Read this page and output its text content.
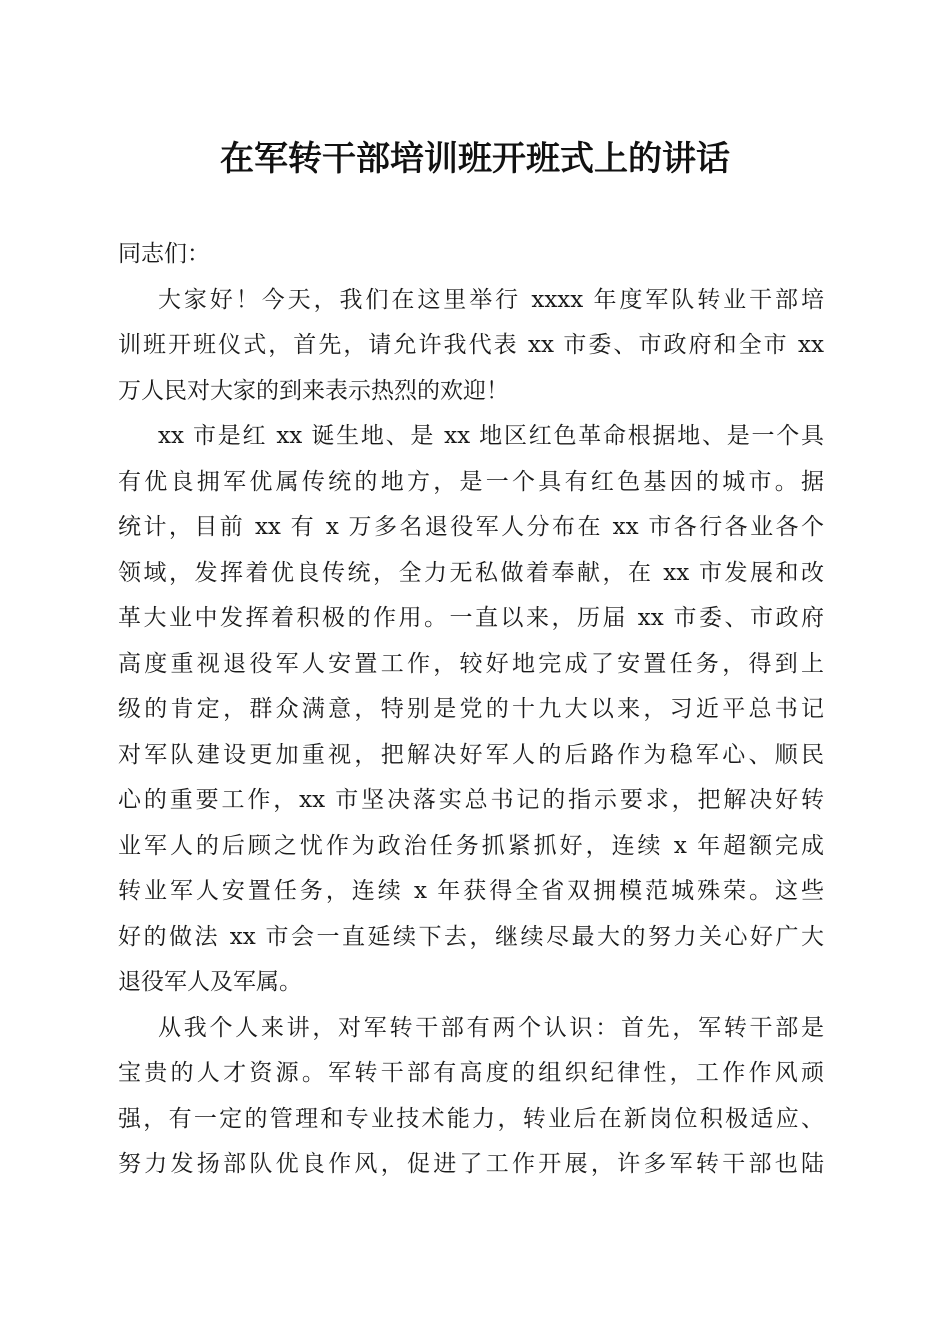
在军转干部培训班开班式上的讲话
同志们：
大家好！今天，我们在这里举行 xxxx 年度军队转业干部培
训班开班仪式，首先，请允许我代表 xx 市委、市政府和全市 xx
万人民对大家的到来表示热烈的欢迎！
xx 市是红 xx 诞生地、是 xx 地区红色革命根据地、是一个具
有优良拥军优属传统的地方，是一个具有红色基因的城市。据
统计，目前 xx 有 x 万多名退役军人分布在 xx 市各行各业各个
领域，发挥着优良传统，全力无私做着奉献，在 xx 市发展和改
革大业中发挥着积极的作用。一直以来，历届 xx 市委、市政府
高度重视退役军人安置工作，较好地完成了安置任务，得到上
级的肯定，群众满意，特别是党的十九大以来，习近平总书记
对军队建设更加重视，把解决好军人的后路作为稳军心、顺民
心的重要工作，xx 市坚决落实总书记的指示要求，把解决好转
业军人的后顾之忧作为政治任务抓紧抓好，连续 x 年超额完成
转业军人安置任务，连续 x 年获得全省双拥模范城殊荣。这些
好的做法 xx 市会一直延续下去，继续尽最大的努力关心好广大
退役军人及军属。
从我个人来讲，对军转干部有两个认识：首先，军转干部是
宝贵的人才资源。军转干部有高度的组织纪律性，工作作风顽
强，有一定的管理和专业技术能力，转业后在新岗位积极适应、
努力发扬部队优良作风，促进了工作开展，许多军转干部也陆
